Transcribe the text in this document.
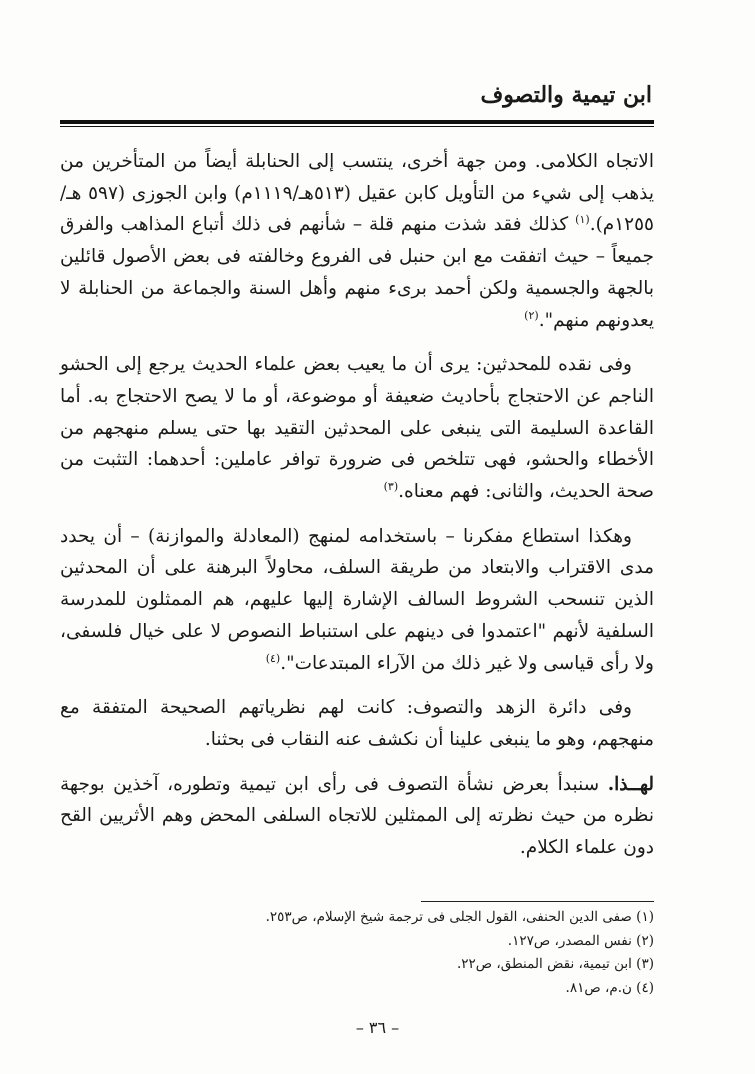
ابن تيمية والتصوف

الاتجاه الكلامى. ومن جهة أخرى، ينتسب إلى الحنابلة أيضاً من المتأخرين من يذهب إلى شيء من التأويل كابن عقيل (٥١٣هـ/١١١٩م) وابن الجوزى (٥٩٧ هـ/١٢٥٥م).$^{(١)}$ كذلك فقد شذت منهم قلة – شأنهم فى ذلك أتباع المذاهب والفرق جميعاً – حيث اتفقت مع ابن حنبل فى الفروع وخالفته فى بعض الأصول قائلين بالجهة والجسمية ولكن أحمد برىء منهم وأهل السنة والجماعة من الحنابلة لا يعدونهم منهم".$^{(٢)}$

وفى نقده للمحدثين: يرى أن ما يعيب بعض علماء الحديث يرجع إلى الحشو الناجم عن الاحتجاج بأحاديث ضعيفة أو موضوعة، أو ما لا يصح الاحتجاج به. أما القاعدة السليمة التى ينبغى على المحدثين التقيد بها حتى يسلم منهجهم من الأخطاء والحشو، فهى تتلخص فى ضرورة توافر عاملين: أحدهما: التثبت من صحة الحديث، والثانى: فهم معناه.$^{(٣)}$

وهكذا استطاع مفكرنا – باستخدامه لمنهج (المعادلة والموازنة) – أن يحدد مدى الاقتراب والابتعاد من طريقة السلف، محاولاً البرهنة على أن المحدثين الذين تنسحب الشروط السالف الإشارة إليها عليهم، هم الممثلون للمدرسة السلفية لأنهم "اعتمدوا فى دينهم على استنباط النصوص لا على خيال فلسفى، ولا رأى قياسى ولا غير ذلك من الآراء المبتدعات".$^{(٤)}$

وفى دائرة الزهد والتصوف: كانت لهم نظرياتهم الصحيحة المتفقة مع منهجهم، وهو ما ينبغى علينا أن نكشف عنه النقاب فى بحثنا.

لهــذا. سنبدأ بعرض نشأة التصوف فى رأى ابن تيمية وتطوره، آخذين بوجهة نظره من حيث نظرته إلى الممثلين للاتجاه السلفى المحض وهم الأثريين القح دون علماء الكلام.

(١) صفى الدين الحنفى، القول الجلى فى ترجمة شيخ الإسلام، ص٢٥٣.

(٢) نفس المصدر، ص١٢٧.

(٣) ابن تيمية، نقض المنطق، ص٢٢.

(٤) ن.م، ص٨١.

– ٣٦ –
